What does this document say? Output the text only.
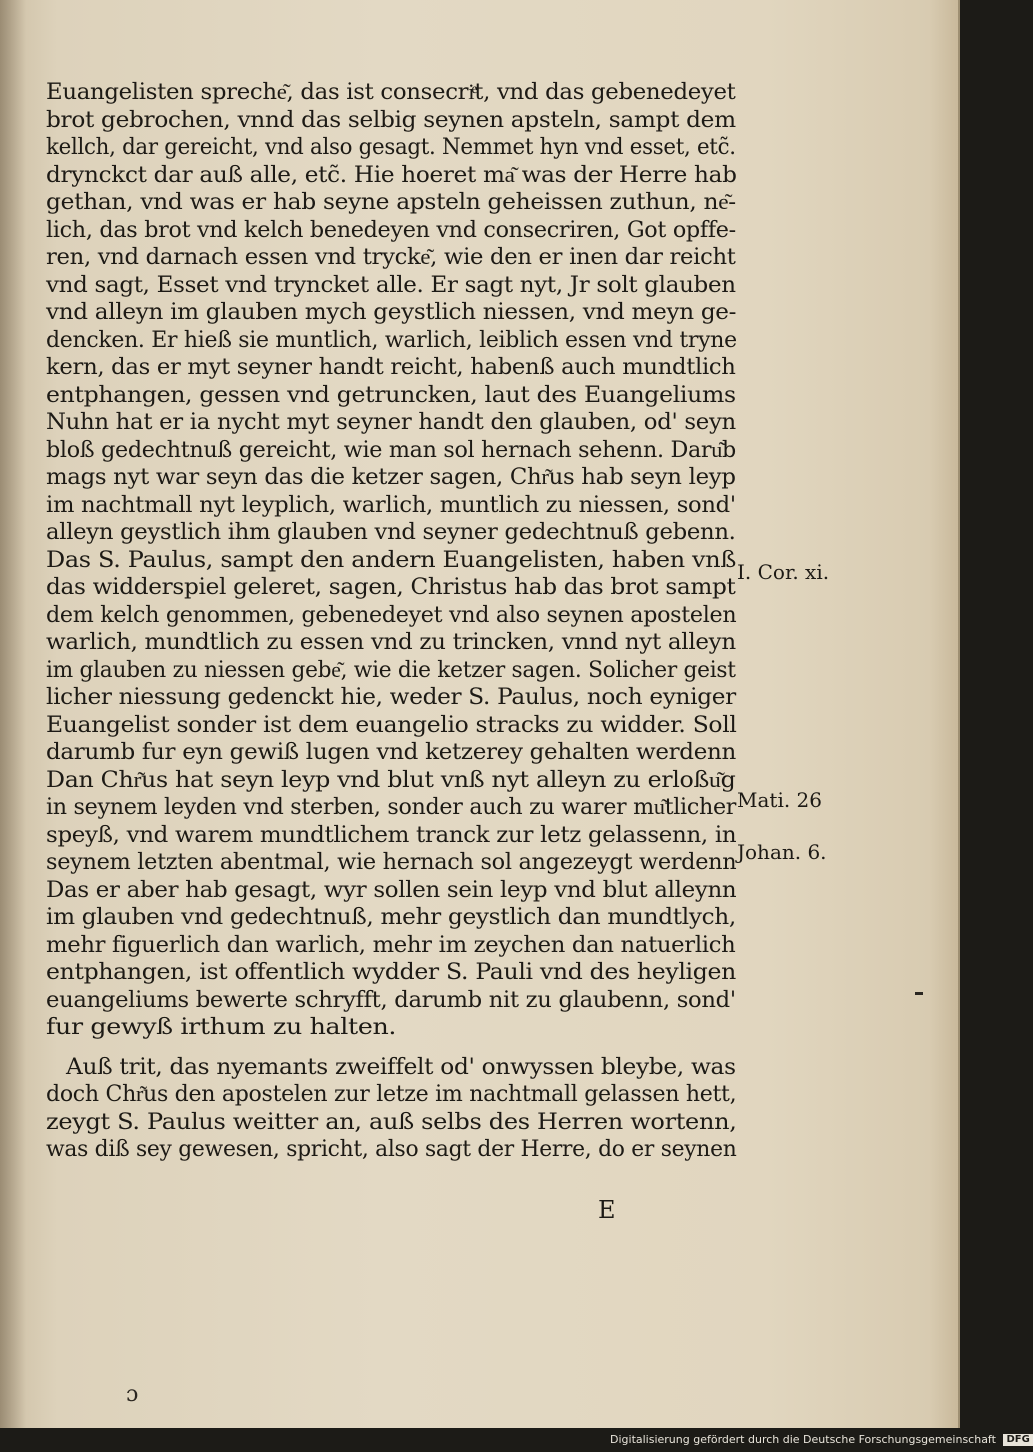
Euangelisten spreche͂, das ist consecriͤt, vnd das gebenedeyet
brot gebrochen, vnnd das selbig seynen apsteln, sampt dem
kellch, dar gereicht, vnd also gesagt. Nemmet hyn vnd esset, etc̃.
drynckct dar auß alle, etc̃. Hie hoeret ma͂ was der Herre hab
gethan, vnd was er hab seyne apsteln geheissen zuthun, ne͂-
lich, das brot vnd kelch benedeyen vnd consecriren, Got opffe-
ren, vnd darnach essen vnd trycke͂, wie den er inen dar reicht
vnd sagt, Esset vnd tryncket alle. Er sagt nyt, Jr solt glauben
vnd alleyn im glauben mych geystlich niessen, vnd meyn ge-
dencken. Er hieß sie muntlich, warlich, leiblich essen vnd tryne
kern, das er myt seyner handt reicht, habenß auch mundtlich
entphangen, gessen vnd getruncken, laut des Euangeliums
Nuhn hat er ia nycht myt seyner handt den glauben, od' seyn
bloß gedechtnuß gereicht, wie man sol hernach sehenn. Daru͂b
mags nyt war seyn das die ketzer sagen, Chr͂us hab seyn leyp
im nachtmall nyt leyplich, warlich, muntlich zu niessen, sond'
alleyn geystlich ihm glauben vnd seyner gedechtnuß gebenn.
Das S. Paulus, sampt den andern Euangelisten, haben vnß
das widderspiel geleret, sagen, Christus hab das brot sampt
dem kelch genommen, gebenedeyet vnd also seynen apostelen
warlich, mundtlich zu essen vnd zu trincken, vnnd nyt alleyn
im glauben zu niessen gebe͂, wie die ketzer sagen. Solicher geist
licher niessung gedenckt hie, weder S. Paulus, noch eyniger
Euangelist sonder ist dem euangelio stracks zu widder. Soll
darumb fur eyn gewiß lugen vnd ketzerey gehalten werdenn
Dan Chr͂us hat seyn leyp vnd blut vnß nyt alleyn zu erloßu͂g
in seynem leyden vnd sterben, sonder auch zu warer mu͂tlicher
speyß, vnd warem mundtlichem tranck zur letz gelassenn, in
seynem letzten abentmal, wie hernach sol angezeygt werdenn
Das er aber hab gesagt, wyr sollen sein leyp vnd blut alleynn
im glauben vnd gedechtnuß, mehr geystlich dan mundtlych,
mehr figuerlich dan warlich, mehr im zeychen dan natuerlich
entphangen, ist offentlich wydder S. Pauli vnd des heyligen
euangeliums bewerte schryfft, darumb nit zu glaubenn, sond'
fur gewyß irthum zu halten.
Auß trit, das nyemants zweiffelt od' onwyssen bleybe, was
doch Chr͂us den apostelen zur letze im nachtmall gelassen hett,
zeygt S. Paulus weitter an, auß selbs des Herren wortenn,
was diß sey gewesen, spricht, also sagt der Herre, do er seynen
I. Cor. xi.
Mati. 26
Johan. 6.
E
ɔ
Digitalisierung gefördert durch die Deutsche Forschungsgemeinschaft DFG
